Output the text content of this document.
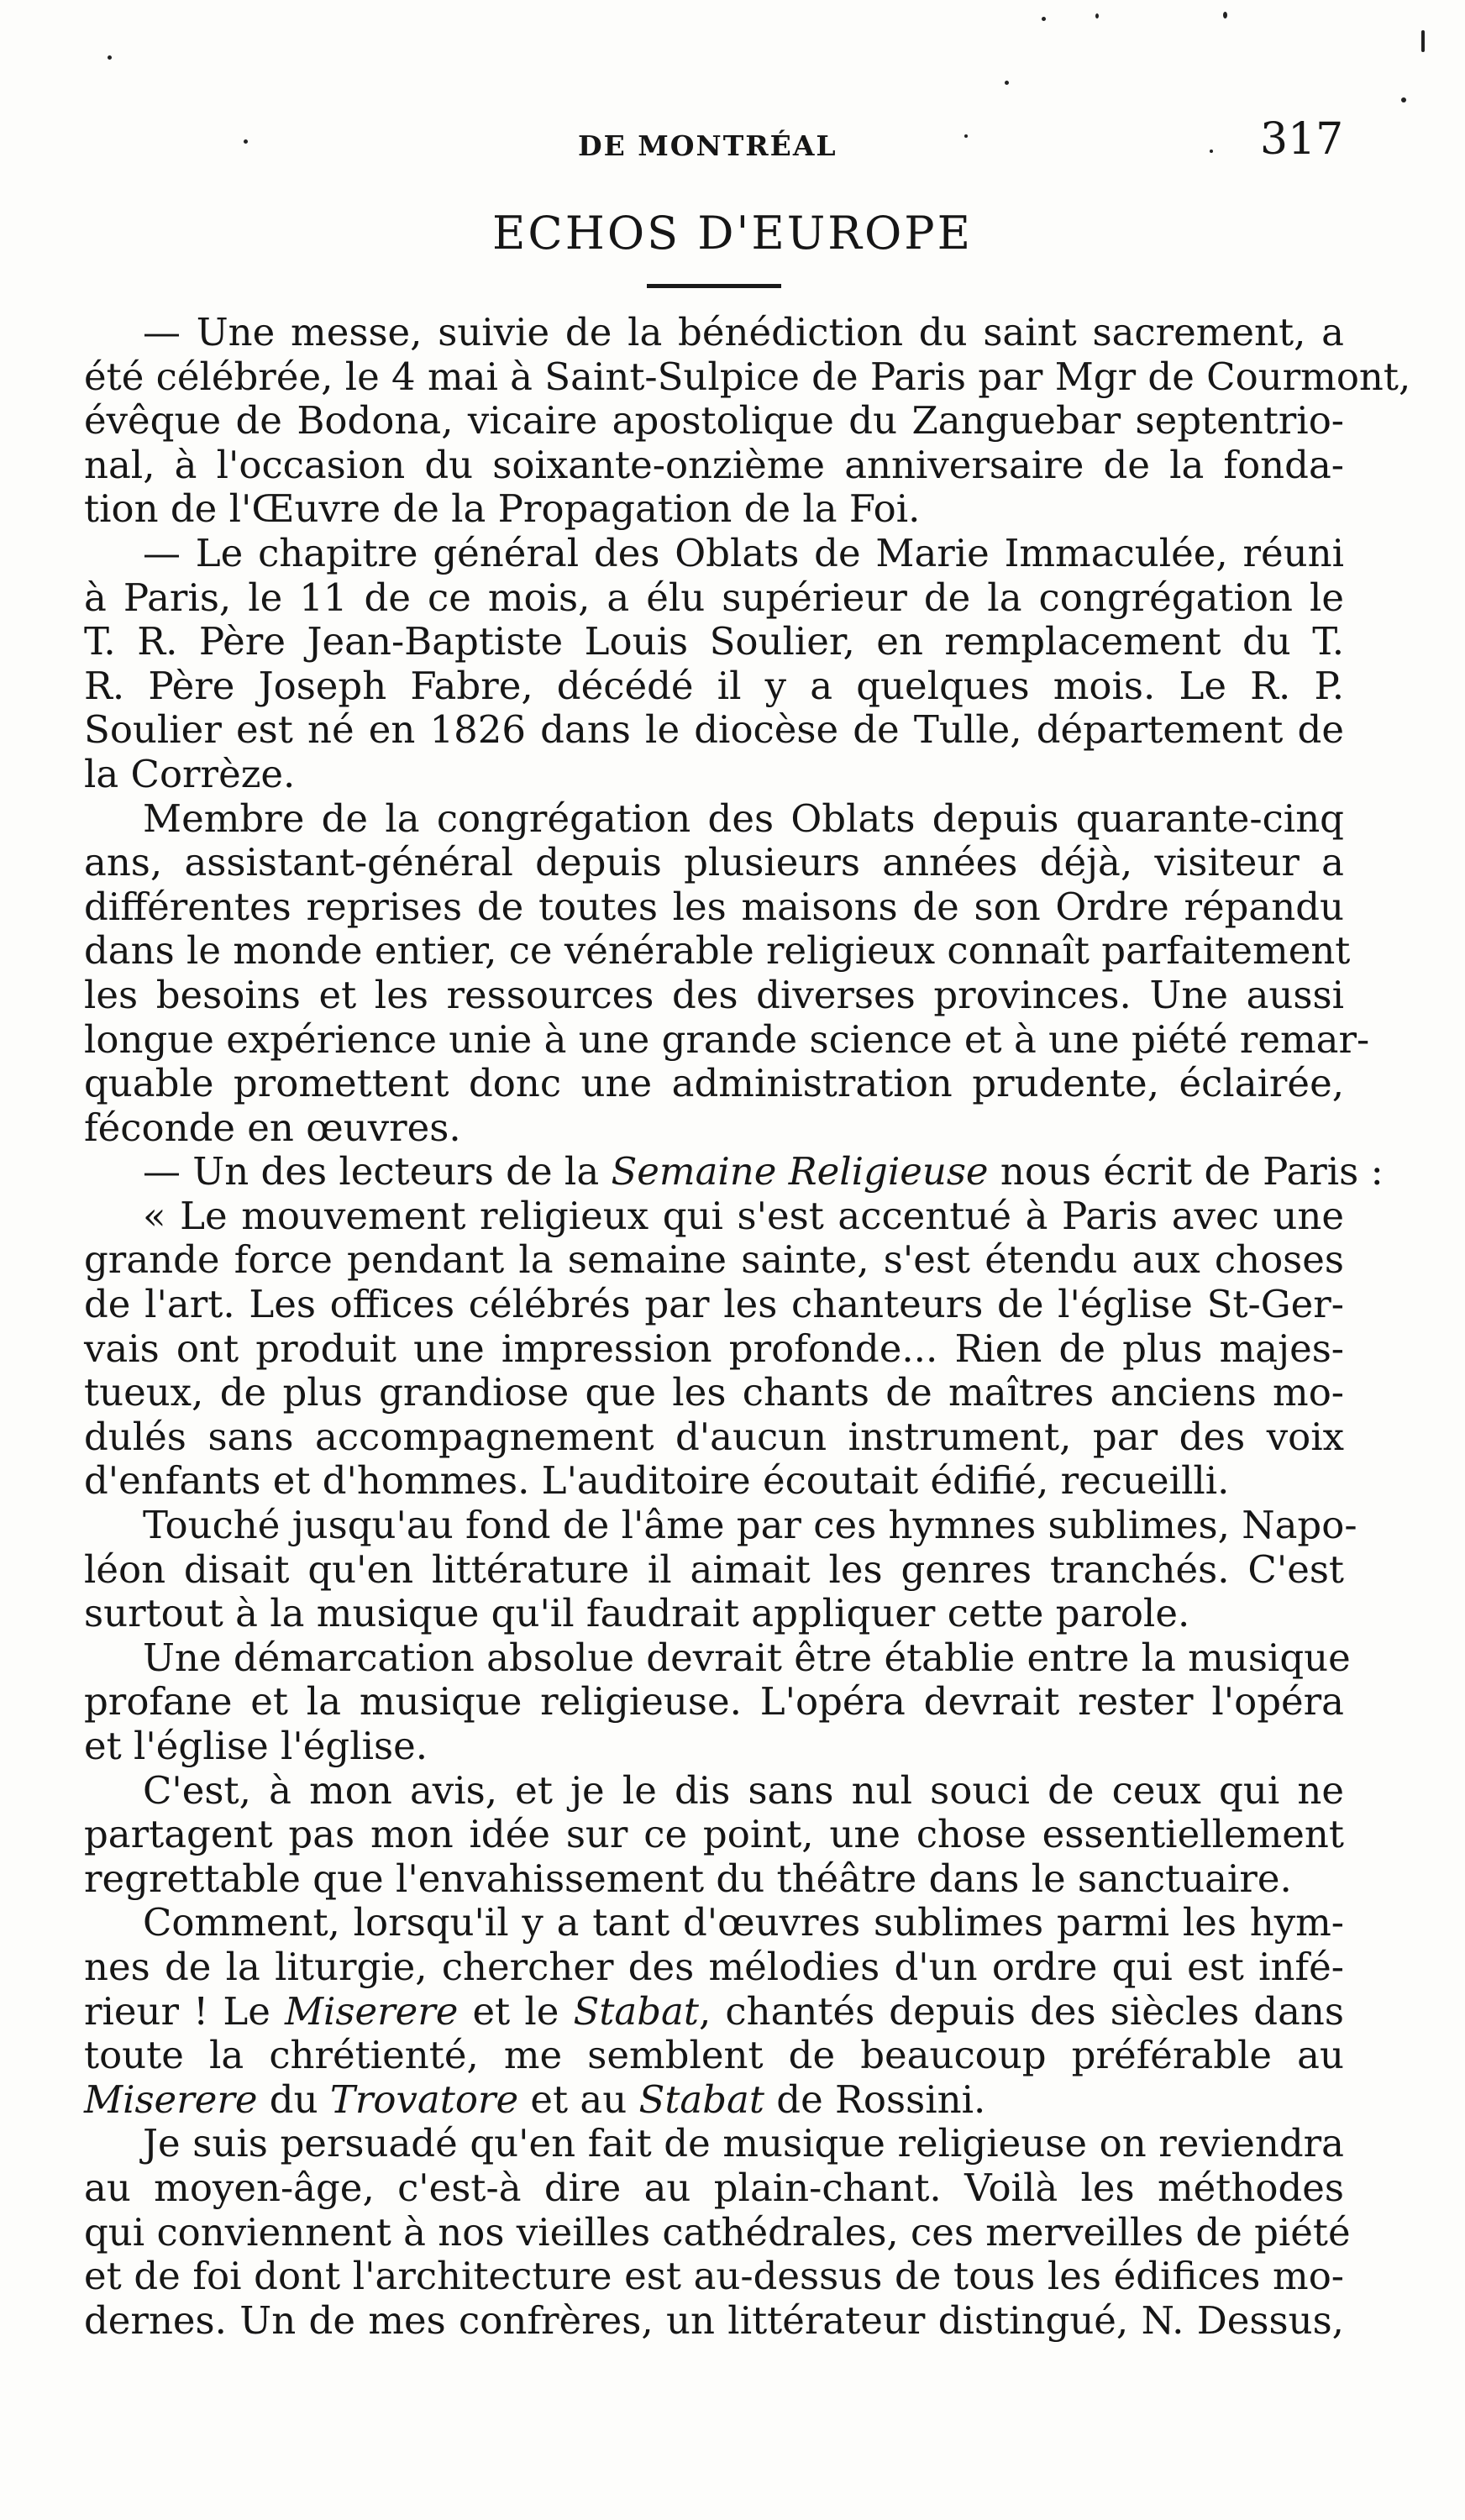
DE MONTRÉAL	317
ECHOS D'EUROPE
— Une messe, suivie de la bénédiction du saint sacrement, a
été célébrée, le 4 mai à Saint-Sulpice de Paris par Mgr de Courmont,
évêque de Bodona, vicaire apostolique du Zanguebar septentrio-
nal, à l'occasion du soixante-onzième anniversaire de la fonda-
tion de l'Œuvre de la Propagation de la Foi.
— Le chapitre général des Oblats de Marie Immaculée, réuni
à Paris, le 11 de ce mois, a élu supérieur de la congrégation le
T. R. Père Jean-Baptiste Louis Soulier, en remplacement du T.
R. Père Joseph Fabre, décédé il y a quelques mois. Le R. P.
Soulier est né en 1826 dans le diocèse de Tulle, département de
la Corrèze.
Membre de la congrégation des Oblats depuis quarante-cinq
ans, assistant-général depuis plusieurs années déjà, visiteur a
différentes reprises de toutes les maisons de son Ordre répandu
dans le monde entier, ce vénérable religieux connaît parfaitement
les besoins et les ressources des diverses provinces. Une aussi
longue expérience unie à une grande science et à une piété remar-
quable promettent donc une administration prudente, éclairée,
féconde en œuvres.
— Un des lecteurs de la Semaine Religieuse nous écrit de Paris :
« Le mouvement religieux qui s'est accentué à Paris avec une
grande force pendant la semaine sainte, s'est étendu aux choses
de l'art. Les offices célébrés par les chanteurs de l'église St-Ger-
vais ont produit une impression profonde... Rien de plus majes-
tueux, de plus grandiose que les chants de maîtres anciens mo-
dulés sans accompagnement d'aucun instrument, par des voix
d'enfants et d'hommes. L'auditoire écoutait édifié, recueilli.
Touché jusqu'au fond de l'âme par ces hymnes sublimes, Napo-
léon disait qu'en littérature il aimait les genres tranchés. C'est
surtout à la musique qu'il faudrait appliquer cette parole.
Une démarcation absolue devrait être établie entre la musique
profane et la musique religieuse. L'opéra devrait rester l'opéra
et l'église l'église.
C'est, à mon avis, et je le dis sans nul souci de ceux qui ne
partagent pas mon idée sur ce point, une chose essentiellement
regrettable que l'envahissement du théâtre dans le sanctuaire.
Comment, lorsqu'il y a tant d'œuvres sublimes parmi les hym-
nes de la liturgie, chercher des mélodies d'un ordre qui est infé-
rieur ! Le Miserere et le Stabat, chantés depuis des siècles dans
toute la chrétienté, me semblent de beaucoup préférable au
Miserere du Trovatore et au Stabat de Rossini.
Je suis persuadé qu'en fait de musique religieuse on reviendra
au moyen-âge, c'est-à dire au plain-chant. Voilà les méthodes
qui conviennent à nos vieilles cathédrales, ces merveilles de piété
et de foi dont l'architecture est au-dessus de tous les édifices mo-
dernes. Un de mes confrères, un littérateur distingué, N. Dessus,
